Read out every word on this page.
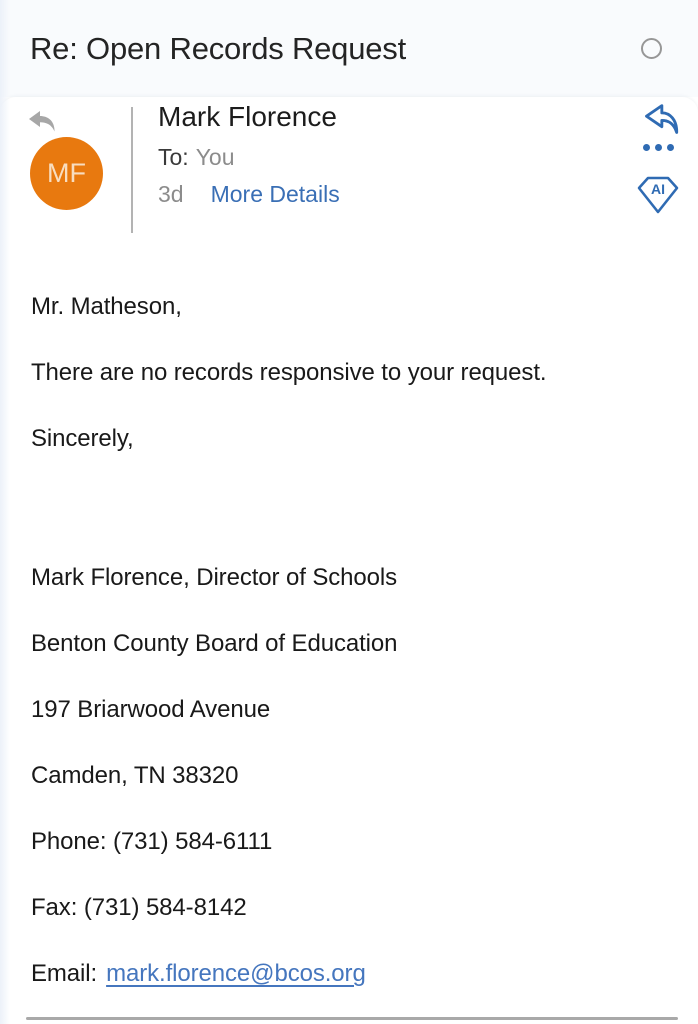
Re: Open Records Request
MF
Mark Florence
To: You
3d More Details	AI

Mr. Matheson,

There are no records responsive to your request.

Sincerely,

Mark Florence, Director of Schools

Benton County Board of Education

197 Briarwood Avenue

Camden, TN 38320

Phone: (731) 584-6111

Fax: (731) 584-8142

Email: mark.florence@bcos.org
